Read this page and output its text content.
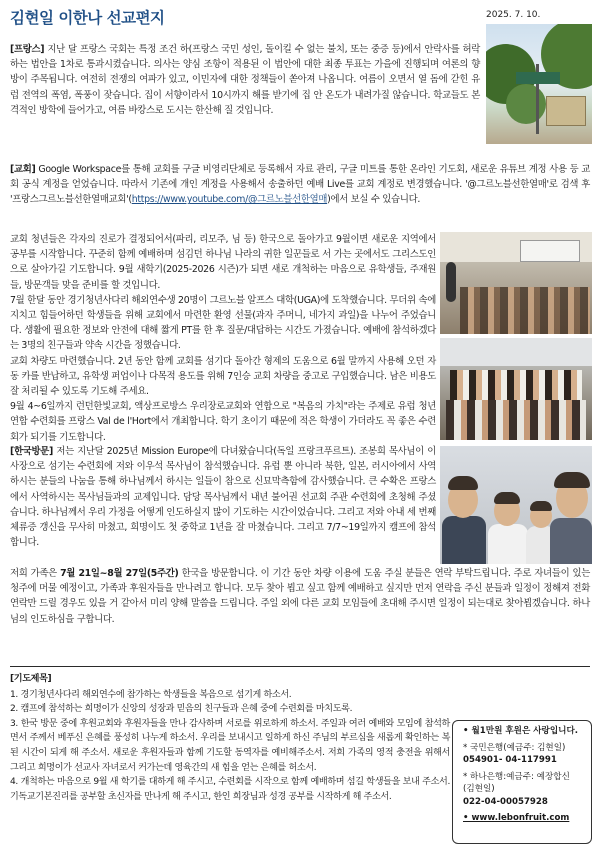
김현일 이한나 선교편지	2025. 7. 10.

[프랑스] 지난 달 프랑스 국회는 특정 조건 하(프랑스 국민 성인, 돌이킬 수 없는 불치, 또는 중증 등)에서 안락사를 허락하는 법안을 1차로 통과시켰습니다. 의사는 양심 조항이 적용된 이 법안에 대한 최종 투표는 가을에 진행되며 여론의 향방이 주목됩니다. 여전히 전쟁의 여파가 있고, 이민자에 대한 정책들이 쏟아져 나옵니다. 여름이 오면서 열 돔에 갇힌 유럽 전역의 폭염, 폭풍이 잦습니다. 집이 서향이라서 10시까지 해를 받기에 집 안 온도가 내려가질 않습니다. 학교들도 본격적인 방학에 들어가고, 여름 바캉스로 도시는 한산해 질 것입니다.

[교회] Google Workspace를 통해 교회를 구글 비영리단체로 등록해서 자료 관리, 구글 미트를 통한 온라인 기도회, 새로운 유튜브 계정 사용 등 교회 공식 계정을 얻었습니다. 따라서 기존에 개인 계정을 사용해서 송출하던 예배 Live를 교회 계정로 변경했습니다. '@그르노블선한열매'로 검색 후 '프랑스그르노블선한열매교회'(https://www.youtube.com/@그르노블선한열매)에서 보실 수 있습니다.

교회 청년들은 각자의 진로가 결정되어서(파리, 리모주, 님 등) 한국으로 돌아가고 9월이면 새로운 지역에서 공부를 시작합니다. 꾸준히 함께 예배하며 섬김던 하나님 나라의 귀한 일꾼들로 서 가는 곳에서도 그리스도인으로 살아가길 기도합니다. 9월 새학기(2025-2026 시즌)가 되면 새로 개척하는 마음으로 유학생들, 주재원들, 방문객들 맞을 준비를 할 것입니다.

7월 한달 동안 경기청년사다리 해외연수생 20명이 그르노블 알프스 대학(UGA)에 도착했습니다. 무더위 속에 지치고 힘들어하던 학생들을 위해 교회에서 마련한 환영 선물(과자 주머니, 네가지 과일)을 나누어 주었습니다. 생활에 필요한 정보와 안전에 대해 짧게 PT를 한 후 질문/대답하는 시간도 가졌습니다. 예배에 참석하겠다는 3명의 친구들과 약속 시간을 정했습니다.

교회 차량도 마련했습니다. 2년 동안 함께 교회를 섬기다 돌아간 형제의 도움으로 6월 말까지 사용해 오던 자동 카를 반납하고, 유학생 퍼업이나 다목적 용도를 위해 7인승 교회 차량을 중고로 구입했습니다. 남은 비용도 잘 처리될 수 있도록 기도해 주세요.

9월 4~6일까지 런던한빛교회, 액상프로방스 우리장로교회와 연합으로 "복음의 가치"라는 주제로 유럽 청년 연합 수련회를 프랑스 Val de l'Hort에서 개최합니다. 학기 초이기 때문에 적은 학생이 가더라도 꼭 좋은 수련회가 되기를 기도합니다.

[한국방문] 저는 지난달 2025년 Mission Europe에 다녀왔습니다(독일 프랑크푸르트). 조봉희 목사님이 이사장으로 섬기는 수련회에 저와 이우석 목사님이 참석했습니다. 유럽 뿐 아니라 북한, 일본, 러시아에서 사역하시는 분들의 나눔을 통해 하나님께서 하시는 일들이 참으로 신묘막측함에 감사했습니다. 큰 수확은 프랑스에서 사역하시는 목사님들과의 교제입니다. 담당 목사님께서 내년 불어권 선교회 주관 수련회에 초청해 주셨습니다. 하나님께서 우리 가정을 어떻게 인도하실지 많이 기도하는 시간이었습니다. 그리고 저와 아내 세 번째 체류증 갱신을 무사히 마쳤고, 희명이도 첫 중학교 1년을 잘 마쳤습니다. 그리고 7/7~19일까지 캠프에 참석합니다.

저희 가족은 7월 21일~8월 27일(5주간) 한국을 방문합니다. 이 기간 동안 차량 이용에 도움 주실 분들은 연락 부탁드립니다. 주로 자녀들이 있는 청주에 머물 예정이고, 가족과 후원자들을 만나려고 합니다. 모두 찾아 뵙고 싶고 함께 예배하고 싶지만 먼저 연락을 주신 분들과 일정이 정해져 전화 연락만 드릴 경우도 있을 거 같아서 미리 양해 말씀을 드립니다. 주일 외에 다른 교회 모임들에 초대해 주시면 일정이 되는대로 찾아뵙겠습니다. 하나님의 인도하심을 구합니다.

[기도제목]
1. 경기청년사다리 해외연수에 참가하는 학생들을 복음으로 섬기게 하소서.
2. 캠프에 참석하는 희명이가 신앙의 성장과 믿음의 친구들과 은혜 중에 수련회를 마치도록.
3. 한국 방문 중에 후원교회와 후원자들을 만나 감사하며 서로를 위로하게 하소서. 주일과 여러 예배와 모임에 참석하면서 주께서 베푸신 은혜를 풍성히 나누게 하소서. 우리를 보내시고 일하게 하신 주님의 부르심을 새롭게 확인하는 복된 시간이 되게 해 주소서. 새로운 후원자들과 함께 기도할 동역자를 예비해주소서. 저희 가족의 영적 충전을 위해서 그리고 희명이가 선교사 자녀로서 커가는데 영육간의 새 힘을 얻는 은혜를 허소서.
4. 개척하는 마음으로 9월 새 학기를 대하게 해 주시고, 수련회를 시작으로 함께 예배하며 섬길 학생들을 보내 주소서. 기독교기본진리를 공부할 초신자를 만나게 해 주시고, 한인 희장님과 성경 공부를 시작하게 해 주소서.
• 월1만원 후원은 사랑입니다.
* 국민은행(예금주: 김현일)
054901- 04-117991
* 하나은행:예금주: 예장합신 (김현일)
022-04-00057928
• www.lebonfruit.com
